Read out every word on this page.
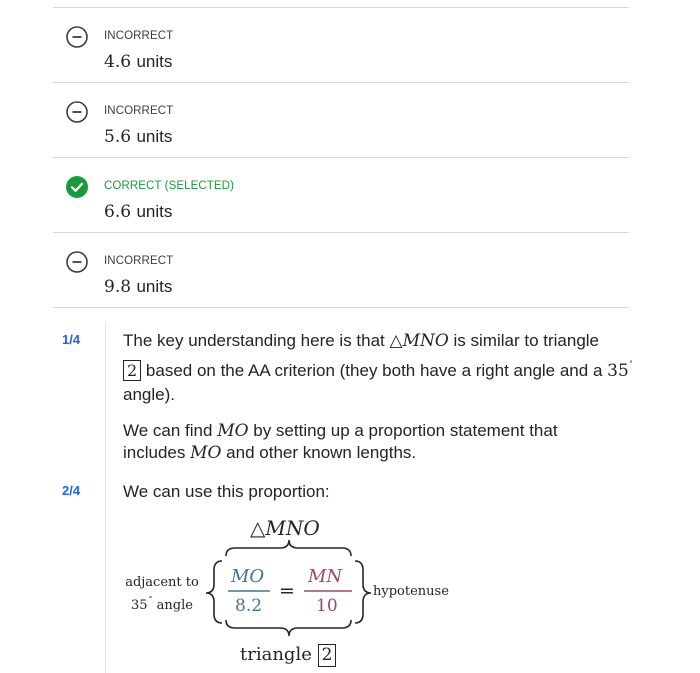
INCORRECT
4.6 units
INCORRECT
5.6 units
CORRECT (SELECTED)
6.6 units
INCORRECT
9.8 units
1/4	The key understanding here is that △MNO is similar to triangle
2 based on the AA criterion (they both have a right angle and a 35˚ angle).
We can find MO by setting up a proportion statement that includes MO and other known lengths.
2/4	We can use this proportion:
△MNO
adjacent to
35˚ angle
MO
8.2
=
MN
10
hypotenuse
triangle 2
